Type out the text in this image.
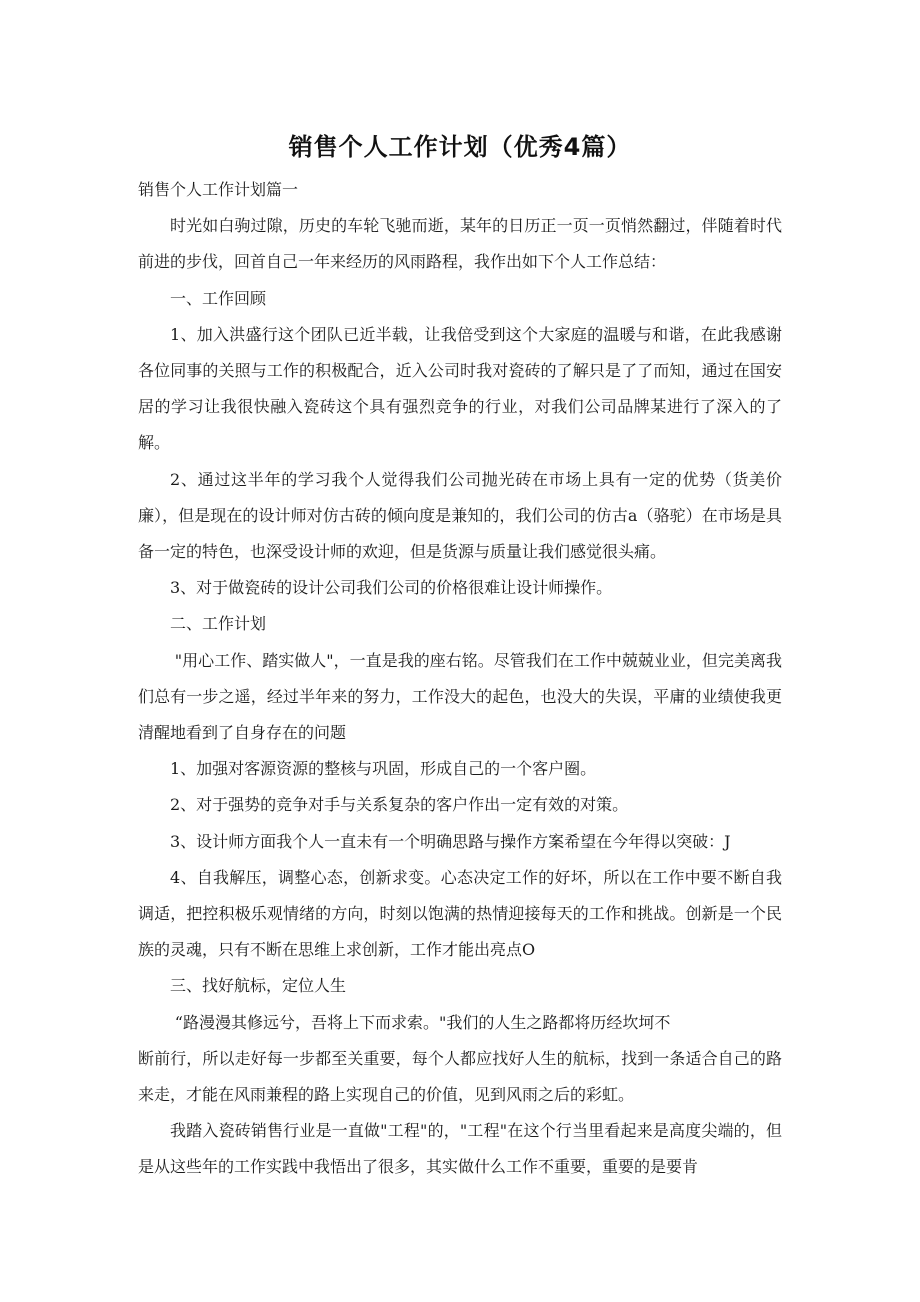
销售个人工作计划（优秀4篇）

销售个人工作计划篇一

时光如白驹过隙，历史的车轮飞驰而逝，某年的日历正一页一页悄然翻过，伴随着时代前进的步伐，回首自己一年来经历的风雨路程，我作出如下个人工作总结：

一、工作回顾

1、加入洪盛行这个团队已近半载，让我倍受到这个大家庭的温暖与和谐，在此我感谢各位同事的关照与工作的积极配合，近入公司时我对瓷砖的了解只是了了而知，通过在国安居的学习让我很快融入瓷砖这个具有强烈竞争的行业，对我们公司品牌某进行了深入的了解。

2、通过这半年的学习我个人觉得我们公司抛光砖在市场上具有一定的优势（货美价廉），但是现在的设计师对仿古砖的倾向度是兼知的，我们公司的仿古a（骆驼）在市场是具备一定的特色，也深受设计师的欢迎，但是货源与质量让我们感觉很头痛。

3、对于做瓷砖的设计公司我们公司的价格很难让设计师操作。

二、工作计划

"用心工作、踏实做人"，一直是我的座右铭。尽管我们在工作中兢兢业业，但完美离我们总有一步之遥，经过半年来的努力，工作没大的起色，也没大的失误，平庸的业绩使我更清醒地看到了自身存在的问题

1、加强对客源资源的整核与巩固，形成自己的一个客户圈。

2、对于强势的竞争对手与关系复杂的客户作出一定有效的对策。

3、设计师方面我个人一直未有一个明确思路与操作方案希望在今年得以突破：J

4、自我解压，调整心态，创新求变。心态决定工作的好坏，所以在工作中要不断自我调适，把控积极乐观情绪的方向，时刻以饱满的热情迎接每天的工作和挑战。创新是一个民族的灵魂，只有不断在思维上求创新，工作才能出亮点O

三、找好航标，定位人生

“路漫漫其修远兮，吾将上下而求索。"我们的人生之路都将历经坎坷不

断前行，所以走好每一步都至关重要，每个人都应找好人生的航标，找到一条适合自己的路来走，才能在风雨兼程的路上实现自己的价值，见到风雨之后的彩虹。

我踏入瓷砖销售行业是一直做"工程"的，"工程"在这个行当里看起来是高度尖端的，但是从这些年的工作实践中我悟出了很多，其实做什么工作不重要，重要的是要肯
